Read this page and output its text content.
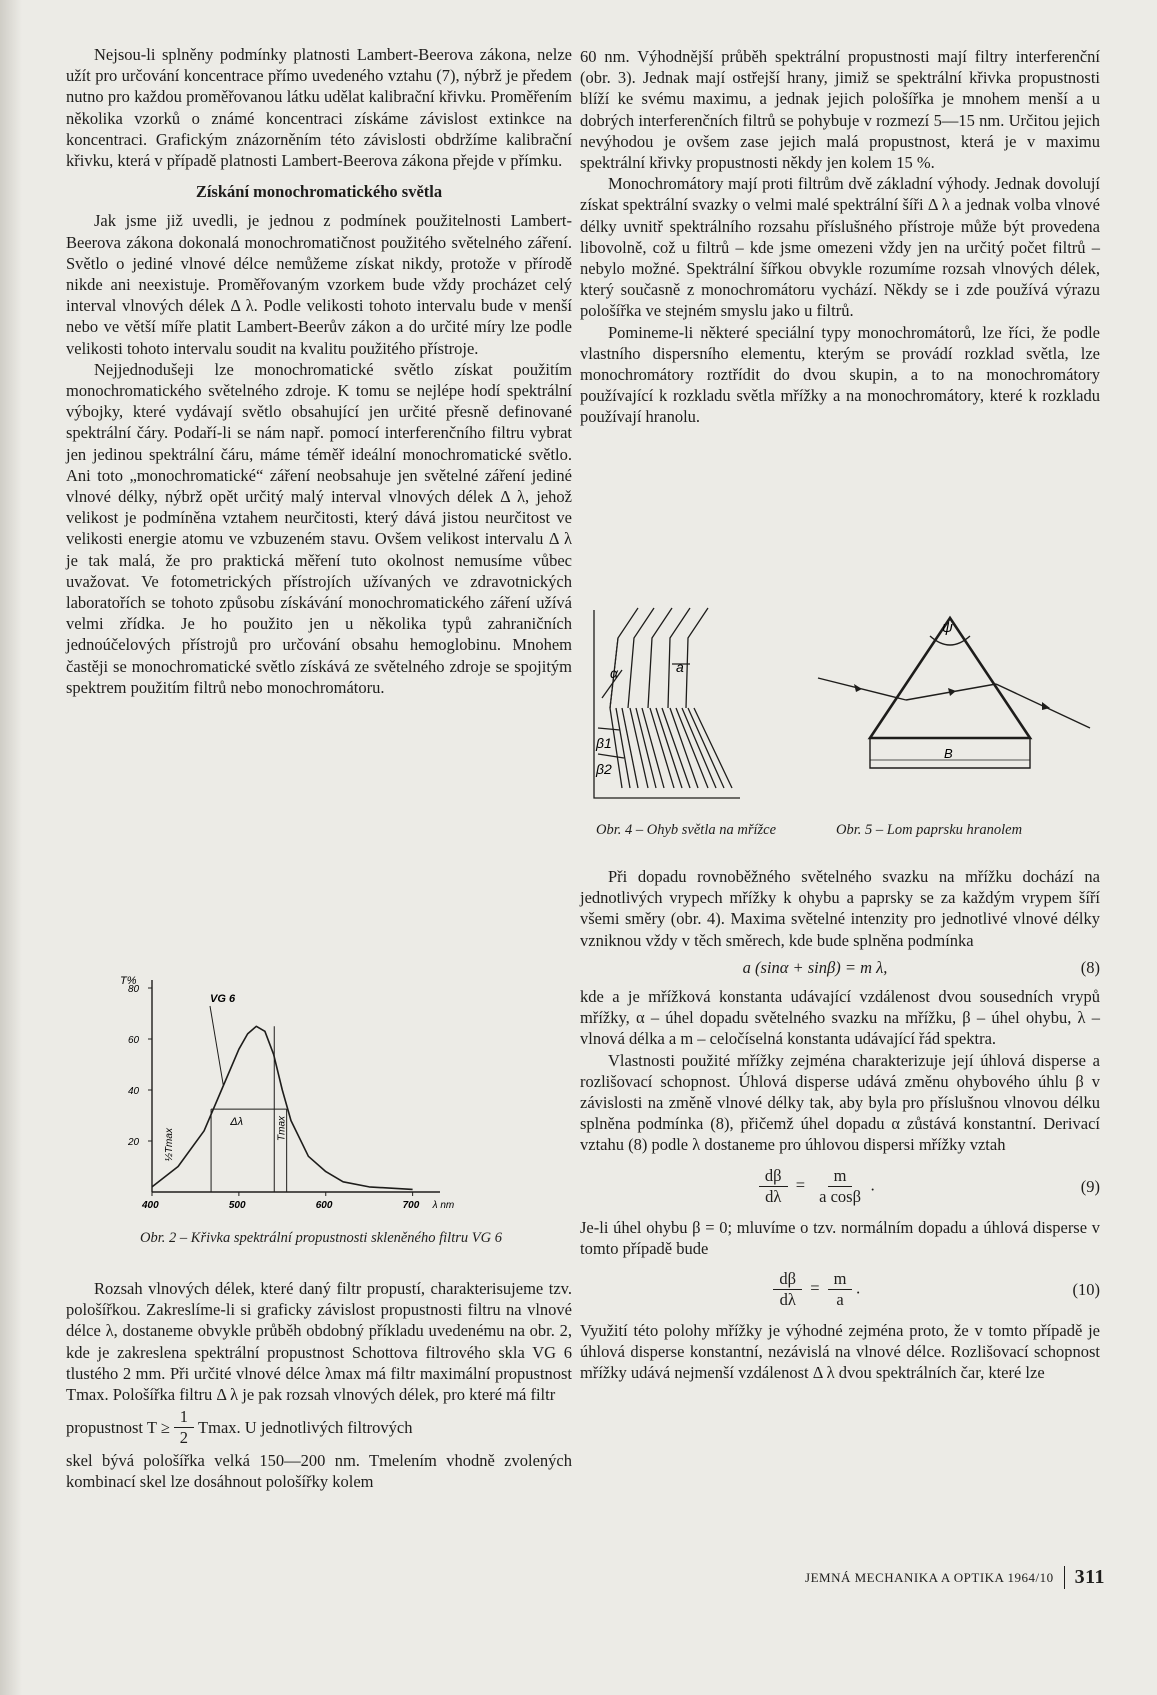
Nejsou-li splněny podmínky platnosti Lambert-Beerova zákona, nelze užít pro určování koncentrace přímo uvedeného vztahu (7), nýbrž je předem nutno pro každou proměřovanou látku udělat kalibrační křivku. Proměřením několika vzorků o známé koncentraci získáme závislost extinkce na koncentraci. Grafickým znázorněním této závislosti obdržíme kalibrační křivku, která v případě platnosti Lambert-Beerova zákona přejde v přímku.

Získání monochromatického světla

Jak jsme již uvedli, je jednou z podmínek použitelnosti Lambert-Beerova zákona dokonalá monochromatičnost použitého světelného záření. Světlo o jediné vlnové délce nemůžeme získat nikdy, protože v přírodě nikde ani neexistuje. Proměřovaným vzorkem bude vždy procházet celý interval vlnových délek Δ λ. Podle velikosti tohoto intervalu bude v menší nebo ve větší míře platit Lambert-Beerův zákon a do určité míry lze podle velikosti tohoto intervalu soudit na kvalitu použitého přístroje.

Nejjednodušeji lze monochromatické světlo získat použitím monochromatického světelného zdroje. K tomu se nejlépe hodí spektrální výbojky, které vydávají světlo obsahující jen určité přesně definované spektrální čáry. Podaří-li se nám např. pomocí interferenčního filtru vybrat jen jedinou spektrální čáru, máme téměř ideální monochromatické světlo. Ani toto „monochromatické“ záření neobsahuje jen světelné záření jediné vlnové délky, nýbrž opět určitý malý interval vlnových délek Δ λ, jehož velikost je podmíněna vztahem neurčitosti, který dává jistou neurčitost ve velikosti energie atomu ve vzbuzeném stavu. Ovšem velikost intervalu Δ λ je tak malá, že pro praktická měření tuto okolnost nemusíme vůbec uvažovat. Ve fotometrických přístrojích užívaných ve zdravotnických laboratořích se tohoto způsobu získávání monochromatického záření užívá velmi zřídka. Je ho použito jen u několika typů zahraničních jednoúčelových přístrojů pro určování obsahu hemoglobinu. Mnohem častěji se monochromatické světlo získává ze světelného zdroje se spojitým spektrem použitím filtrů nebo monochromátoru.

T%
80
60
40
20
400	500	600	700 λ nm
Δλ
½Tmax	Tmax
VG 6
Obr. 2 – Křivka spektrální propustnosti skleněného filtru VG 6

Rozsah vlnových délek, které daný filtr propustí, charakterisujeme tzv. pološířkou. Zakreslíme-li si graficky závislost propustnosti filtru na vlnové délce λ, dostaneme obvykle průběh obdobný příkladu uvedenému na obr. 2, kde je zakreslena spektrální propustnost Schottova filtrového skla VG 6 tlustého 2 mm. Při určité vlnové délce λmax má filtr maximální propustnost Tmax. Pološířka filtru Δ λ je pak rozsah vlnových délek, pro které má filtr

propustnost $T \ge \frac{1}{2} Tmax$. U jednotlivých filtrových

skel bývá pološířka velká 150—200 nm. Tmelením vhodně zvolených kombinací skel lze dosáhnout pološířky kolem

60 nm. Výhodnější průběh spektrální propustnosti mají filtry interferenční (obr. 3). Jednak mají ostřejší hrany, jimiž se spektrální křivka propustnosti blíží ke svému maximu, a jednak jejich pološířka je mnohem menší a u dobrých interferenčních filtrů se pohybuje v rozmezí 5—15 nm. Určitou jejich nevýhodou je ovšem zase jejich malá propustnost, která je v maximu spektrální křivky propustnosti někdy jen kolem 15 %.

Monochromátory mají proti filtrům dvě základní výhody. Jednak dovolují získat spektrální svazky o velmi malé spektrální šíři Δ λ a jednak volba vlnové délky uvnitř spektrálního rozsahu příslušného přístroje může být provedena libovolně, což u filtrů – kde jsme omezeni vždy jen na určitý počet filtrů – nebylo možné. Spektrální šířkou obvykle rozumíme rozsah vlnových délek, který současně z monochromátoru vychází. Někdy se i zde používá výrazu pološířka ve stejném smyslu jako u filtrů.

Pomineme-li některé speciální typy monochromátorů, lze říci, že podle vlastního dispersního elementu, kterým se provádí rozklad světla, lze monochromátory roztřídit do dvou skupin, a to na monochromátory používající k rozkladu světla mřížky a na monochromátory, které k rozkladu používají hranolu.

α
β1
β2
a
ψ
B
Obr. 4 – Ohyb světla na mřížce	Obr. 5 – Lom paprsku hranolem

Při dopadu rovnoběžného světelného svazku na mřížku dochází na jednotlivých vrypech mřížky k ohybu a paprsky se za každým vrypem šíří všemi směry (obr. 4). Maxima světelné intenzity pro jednotlivé vlnové délky vzniknou vždy v těch směrech, kde bude splněna podmínka

a (sinα + sinβ) = m λ,	(8)

kde a je mřížková konstanta udávající vzdálenost dvou sousedních vrypů mřížky, α – úhel dopadu světelného svazku na mřížku, β – úhel ohybu, λ – vlnová délka a m – celočíselná konstanta udávající řád spektra.

Vlastnosti použité mřížky zejména charakterizuje její úhlová disperse a rozlišovací schopnost. Úhlová disperse udává změnu ohybového úhlu β v závislosti na změně vlnové délky tak, aby byla pro příslušnou vlnovou délku splněna podmínka (8), přičemž úhel dopadu α zůstává konstantní. Derivací vztahu (8) podle λ dostaneme pro úhlovou dispersi mřížky vztah

$\frac{d\beta}{d\lambda} = \frac{m}{\text{a cosβ}}$ .	(9)

Je-li úhel ohybu β = 0; mluvíme o tzv. normálním dopadu a úhlová disperse v tomto případě bude

$\frac{d\beta}{d\lambda} = \frac{m}{a}$ .	(10)

Využití této polohy mřížky je výhodné zejména proto, že v tomto případě je úhlová disperse konstantní, nezávislá na vlnové délce. Rozlišovací schopnost mřížky udává nejmenší vzdálenost Δ λ dvou spektrálních čar, které lze

JEMNÁ MECHANIKA A OPTIKA 1964/10	311
